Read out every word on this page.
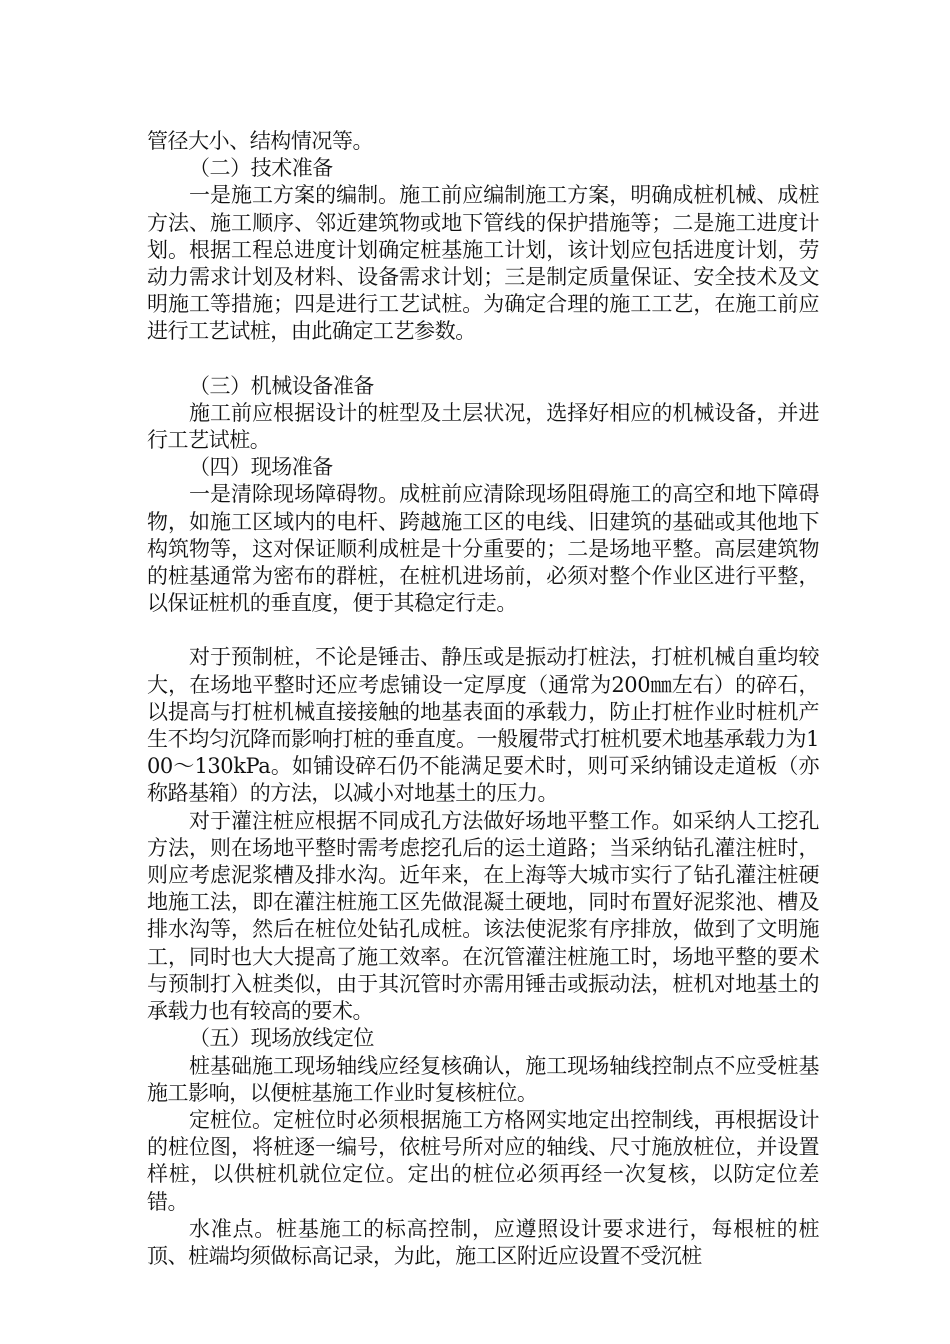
管径大小、结构情况等。

（二）技术准备

一是施工方案的编制。施工前应编制施工方案，明确成桩机械、成桩方法、施工顺序、邻近建筑物或地下管线的保护措施等；二是施工进度计划。根据工程总进度计划确定桩基施工计划，该计划应包括进度计划，劳动力需求计划及材料、设备需求计划；三是制定质量保证、安全技术及文明施工等措施；四是进行工艺试桩。为确定合理的施工工艺，在施工前应进行工艺试桩，由此确定工艺参数。

（三）机械设备准备

施工前应根据设计的桩型及土层状况，选择好相应的机械设备，并进行工艺试桩。

（四）现场准备

一是清除现场障碍物。成桩前应清除现场阻碍施工的高空和地下障碍物，如施工区域内的电杆、跨越施工区的电线、旧建筑的基础或其他地下构筑物等，这对保证顺利成桩是十分重要的；二是场地平整。高层建筑物的桩基通常为密布的群桩，在桩机进场前，必须对整个作业区进行平整，以保证桩机的垂直度，便于其稳定行走。

对于预制桩，不论是锤击、静压或是振动打桩法，打桩机械自重均较大，在场地平整时还应考虑铺设一定厚度（通常为200㎜左右）的碎石，以提高与打桩机械直接接触的地基表面的承载力，防止打桩作业时桩机产生不均匀沉降而影响打桩的垂直度。一般履带式打桩机要术地基承载力为100～130kPa。如铺设碎石仍不能满足要术时，则可采纳铺设走道板（亦称路基箱）的方法，以减小对地基土的压力。

对于灌注桩应根据不同成孔方法做好场地平整工作。如采纳人工挖孔方法，则在场地平整时需考虑挖孔后的运土道路；当采纳钻孔灌注桩时，则应考虑泥浆槽及排水沟。近年来，在上海等大城市实行了钻孔灌注桩硬地施工法，即在灌注桩施工区先做混凝土硬地，同时布置好泥浆池、槽及排水沟等，然后在桩位处钻孔成桩。该法使泥浆有序排放，做到了文明施工，同时也大大提高了施工效率。在沉管灌注桩施工时，场地平整的要术与预制打入桩类似，由于其沉管时亦需用锤击或振动法，桩机对地基土的承载力也有较高的要术。

（五）现场放线定位

桩基础施工现场轴线应经复核确认，施工现场轴线控制点不应受桩基施工影响，以便桩基施工作业时复核桩位。

定桩位。定桩位时必须根据施工方格网实地定出控制线，再根据设计的桩位图，将桩逐一编号，依桩号所对应的轴线、尺寸施放桩位，并设置样桩，以供桩机就位定位。定出的桩位必须再经一次复核，以防定位差错。

水准点。桩基施工的标高控制，应遵照设计要求进行，每根桩的桩顶、桩端均须做标高记录，为此，施工区附近应设置不受沉桩
